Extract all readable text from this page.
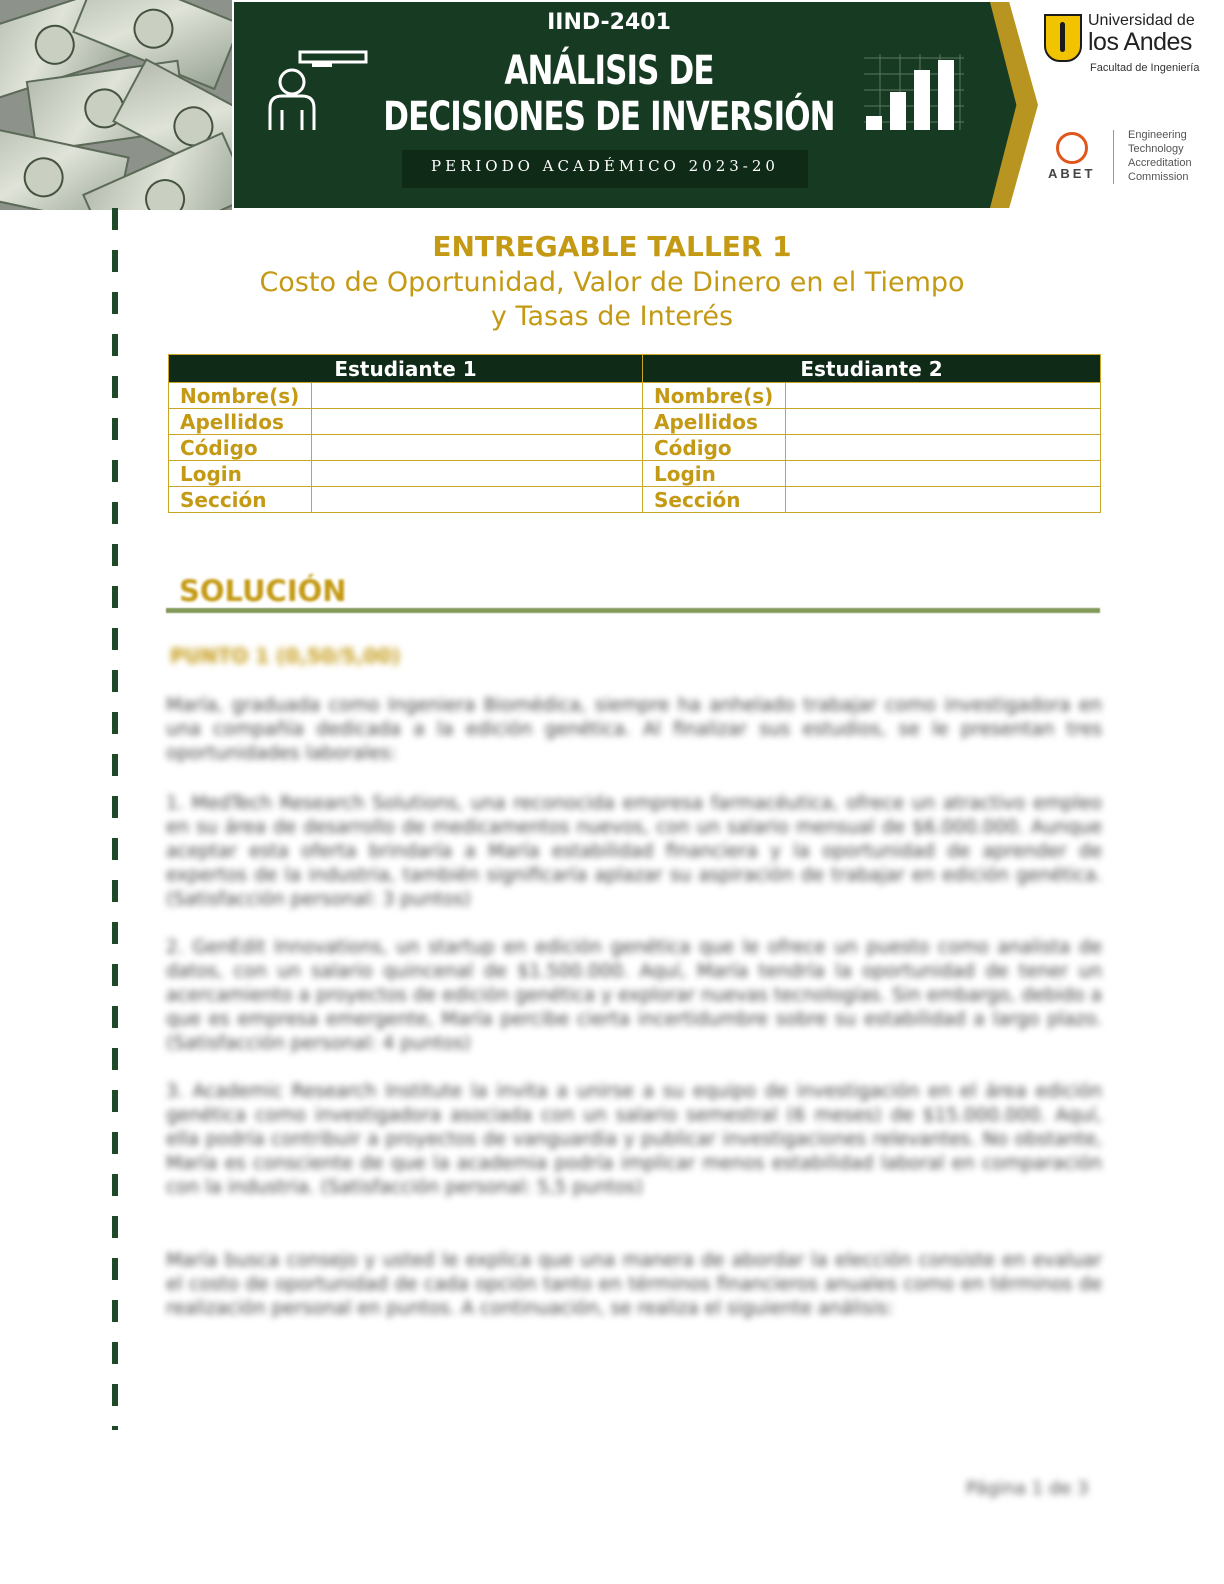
IIND-2401
ANÁLISIS DE
DECISIONES DE INVERSIÓN
PERIODO ACADÉMICO 2023-20
Universidad de
los Andes
Facultad de Ingeniería
ABET
Engineering
Technology
Accreditation
Commission
ENTREGABLE TALLER 1
Costo de Oportunidad, Valor de Dinero en el Tiempo
y Tasas de Interés
Estudiante 1		Estudiante 2	
Nombre(s)		Nombre(s)	
Apellidos		Apellidos	
Código		Código	
Login		Login	
Sección		Sección	
SOLUCIÓN
PUNTO 1 (0,50/5,00)
María, graduada como Ingeniera Biomédica, siempre ha anhelado trabajar como investigadora en una compañía dedicada a la edición genética. Al finalizar sus estudios, se le presentan tres oportunidades laborales:
1. MedTech Research Solutions, una reconocida empresa farmacéutica, ofrece un atractivo empleo en su área de desarrollo de medicamentos nuevos, con un salario mensual de $6.000.000. Aunque aceptar esta oferta brindaría a María estabilidad financiera y la oportunidad de aprender de expertos de la industria, también significaría aplazar su aspiración de trabajar en edición genética. (Satisfacción personal: 3 puntos)
2. GenEdit Innovations, un startup en edición genética que le ofrece un puesto como analista de datos, con un salario quincenal de $1.500.000. Aquí, María tendría la oportunidad de tener un acercamiento a proyectos de edición genética y explorar nuevas tecnologías. Sin embargo, debido a que es empresa emergente, María percibe cierta incertidumbre sobre su estabilidad a largo plazo. (Satisfacción personal: 4 puntos)
3. Academic Research Institute la invita a unirse a su equipo de investigación en el área edición genética como investigadora asociada con un salario semestral (6 meses) de $15.000.000. Aquí, ella podría contribuir a proyectos de vanguardia y publicar investigaciones relevantes. No obstante, María es consciente de que la academia podría implicar menos estabilidad laboral en comparación con la industria. (Satisfacción personal: 5,5 puntos)
María busca consejo y usted le explica que una manera de abordar la elección consiste en evaluar el costo de oportunidad de cada opción tanto en términos financieros anuales como en términos de realización personal en puntos. A continuación, se realiza el siguiente análisis:
Página 1 de 3
